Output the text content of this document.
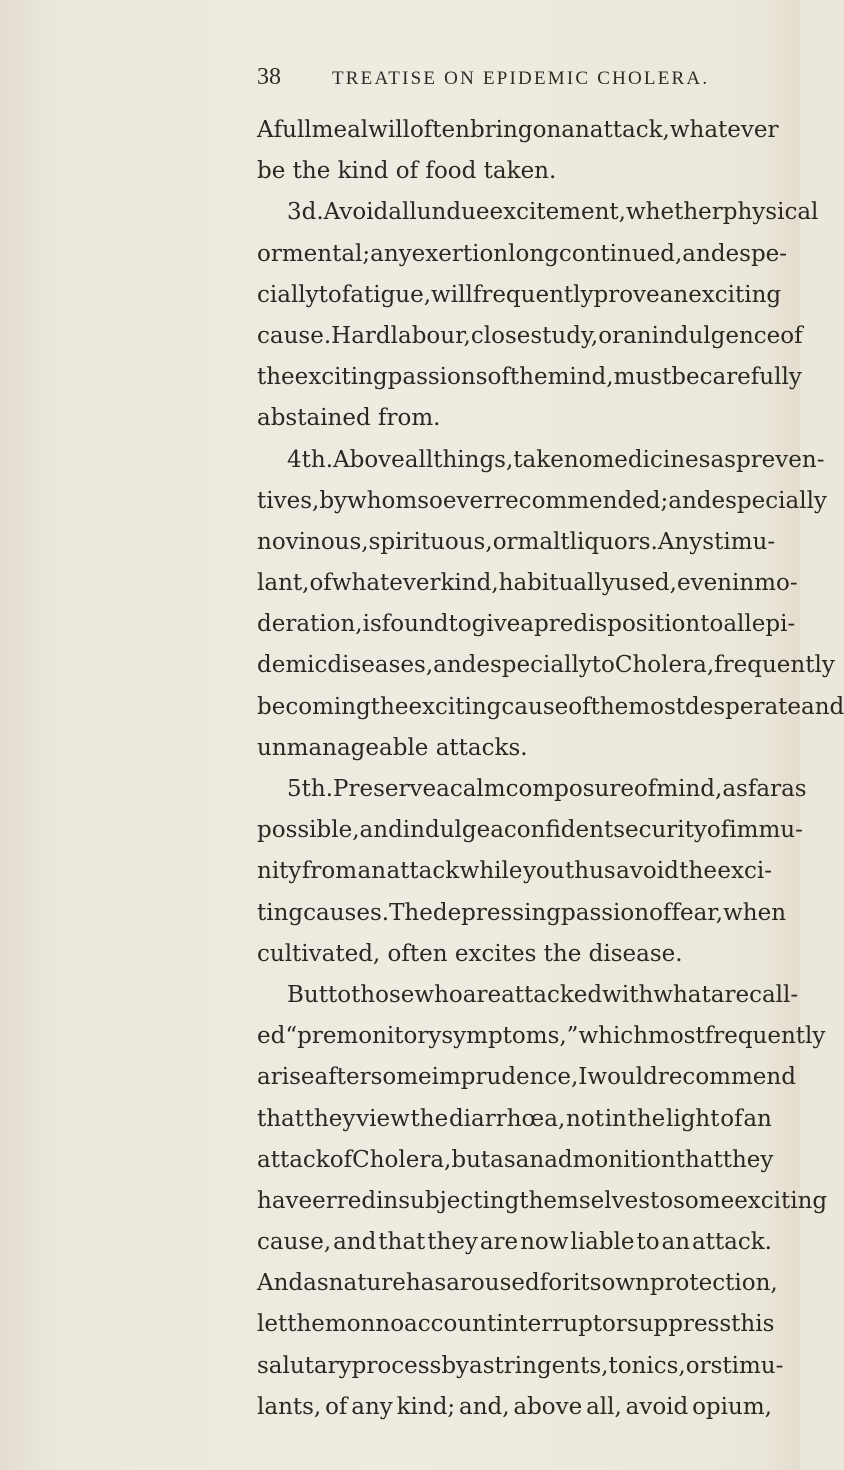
38	TREATISE ON EPIDEMIC CHOLERA.
A full meal will often bring on an attack, whatever
be the kind of food taken.
3d. Avoid all undue excitement, whether physical
or mental; any exertion long continued, and espe-
cially to fatigue, will frequently prove an exciting
cause. Hard labour, close study, or an indulgence of
the exciting passions of the mind, must be carefully
abstained from.
4th. Above all things, take no medicines as preven-
tives, by whomsoever recommended; and especially
no vinous, spirituous, or malt liquors. Any stimu-
lant, of whatever kind, habitually used, even in mo-
deration, is found to give a predisposition to all epi-
demic diseases, and especially to Cholera, frequently
becoming the exciting cause of the most desperate and
unmanageable attacks.
5th. Preserve a calm composure of mind, as far as
possible, and indulge a confident security of immu-
nity from an attack while you thus avoid the exci-
ting causes. The depressing passion of fear, when
cultivated, often excites the disease.
But to those who are attacked with what are call-
ed “premonitory symptoms,” which most frequently
arise after some imprudence, I would recommend
that they view the diarrhœa, not in the light of an
attack of Cholera, but as an admonition that they
have erred in subjecting themselves to some exciting
cause, and that they are now liable to an attack.
And as nature has aroused for its own protection,
let them on no account interrupt or suppress this
salutary process by astringents, tonics, or stimu-
lants, of any kind; and, above all, avoid opium,
